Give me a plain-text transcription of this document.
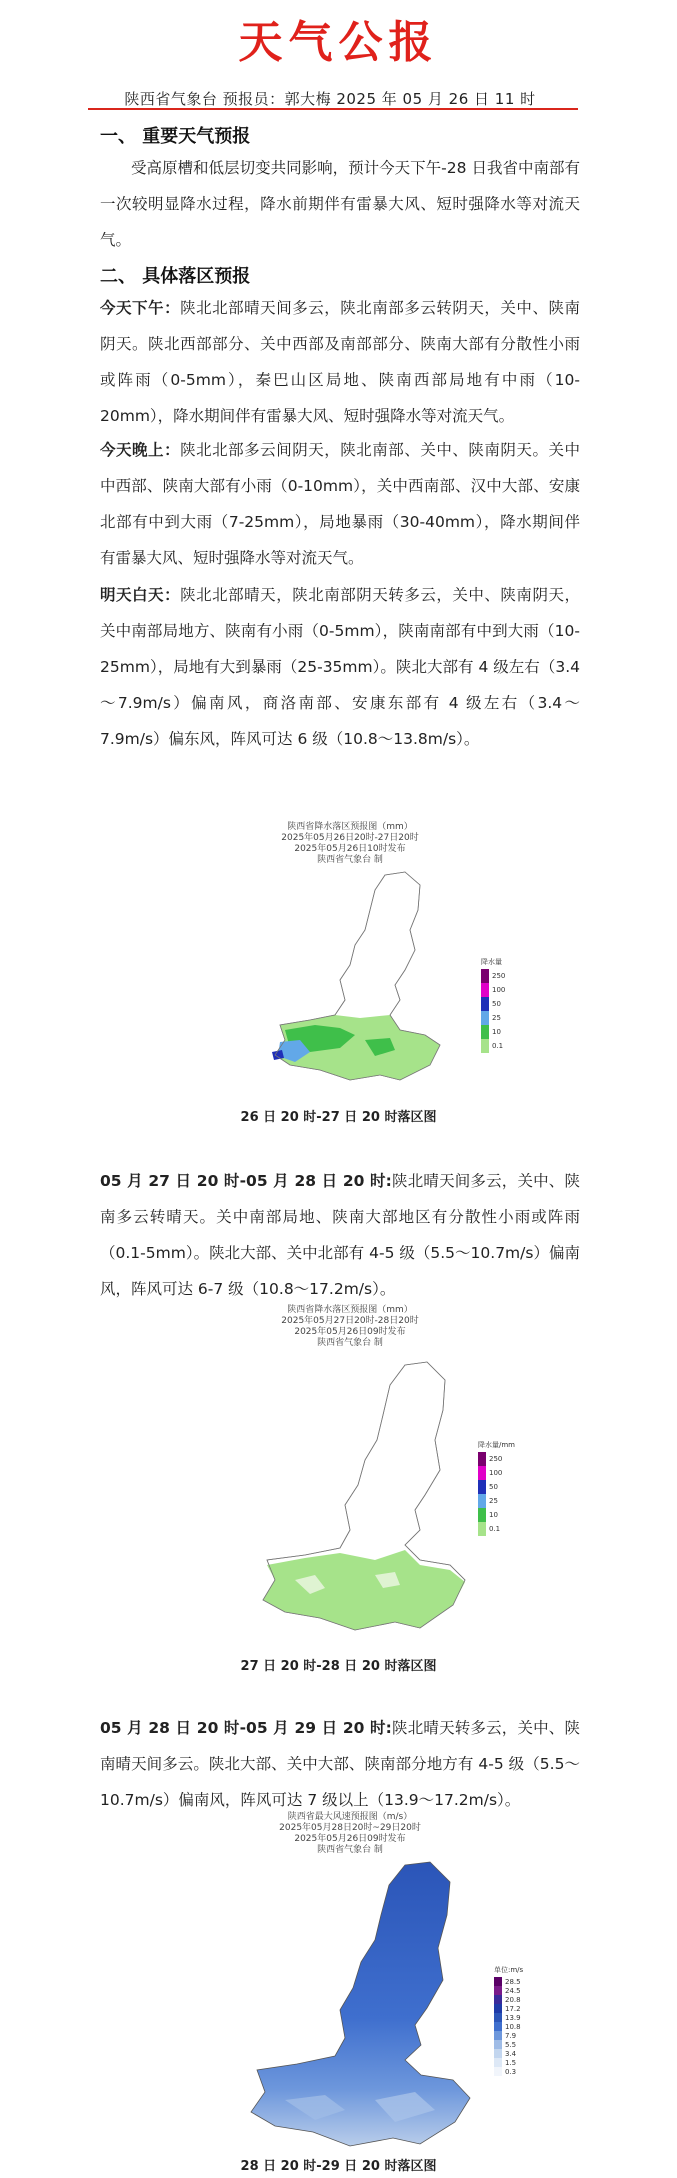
天气公报
陕西省气象台 预报员：郭大梅 2025 年 05 月 26 日 11 时
一、 重要天气预报
受高原槽和低层切变共同影响，预计今天下午-28 日我省中南部有一次较明显降水过程，降水前期伴有雷暴大风、短时强降水等对流天气。
二、 具体落区预报
今天下午：陕北北部晴天间多云，陕北南部多云转阴天，关中、陕南阴天。陕北西部部分、关中西部及南部部分、陕南大部有分散性小雨或阵雨（0-5mm），秦巴山区局地、陕南西部局地有中雨（10-20mm），降水期间伴有雷暴大风、短时强降水等对流天气。
今天晚上：陕北北部多云间阴天，陕北南部、关中、陕南阴天。关中中西部、陕南大部有小雨（0-10mm），关中西南部、汉中大部、安康北部有中到大雨（7-25mm），局地暴雨（30-40mm），降水期间伴有雷暴大风、短时强降水等对流天气。
明天白天：陕北北部晴天，陕北南部阴天转多云，关中、陕南阴天，关中南部局地方、陕南有小雨（0-5mm），陕南南部有中到大雨（10-25mm），局地有大到暴雨（25-35mm）。陕北大部有 4 级左右（3.4～7.9m/s）偏南风，商洛南部、安康东部有 4 级左右（3.4～7.9m/s）偏东风，阵风可达 6 级（10.8～13.8m/s）。
陕西省降水落区预报图（mm）
2025年05月26日20时-27日20时
2025年05月26日10时发布
陕西省气象台 制
降水量
250
100
50
25
10
0.1
26 日 20 时-27 日 20 时落区图
05 月 27 日 20 时-05 月 28 日 20 时:陕北晴天间多云，关中、陕南多云转晴天。关中南部局地、陕南大部地区有分散性小雨或阵雨（0.1-5mm）。陕北大部、关中北部有 4-5 级（5.5～10.7m/s）偏南风，阵风可达 6-7 级（10.8～17.2m/s）。
陕西省降水落区预报图（mm）
2025年05月27日20时-28日20时
2025年05月26日09时发布
陕西省气象台 制
降水量/mm
250
100
50
25
10
0.1
27 日 20 时-28 日 20 时落区图
05 月 28 日 20 时-05 月 29 日 20 时:陕北晴天转多云，关中、陕南晴天间多云。陕北大部、关中大部、陕南部分地方有 4-5 级（5.5～10.7m/s）偏南风，阵风可达 7 级以上（13.9～17.2m/s）。
陕西省最大风速预报图（m/s）
2025年05月28日20时~29日20时
2025年05月26日09时发布
陕西省气象台 制
单位:m/s
28.5
24.5
20.8
17.2
13.9
10.8
7.9
5.5
3.4
1.5
0.3
28 日 20 时-29 日 20 时落区图
